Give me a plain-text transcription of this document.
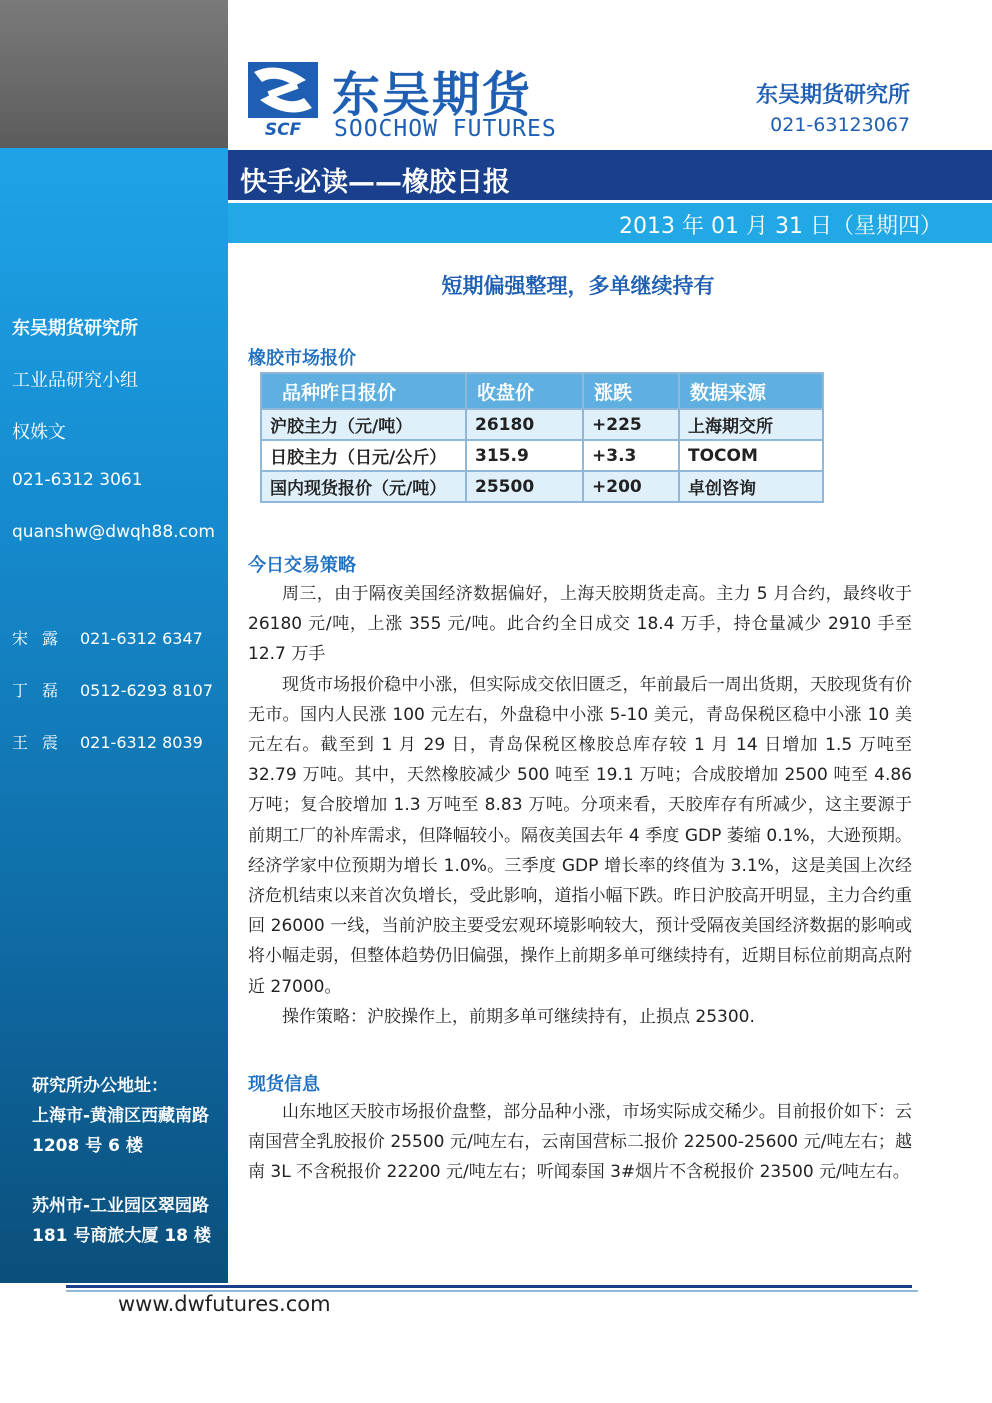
SCF
东吴期货
SOOCHOW FUTURES
东吴期货研究所
021-63123067
快手必读——橡胶日报
2013 年 01 月 31 日（星期四）
东吴期货研究所
工业品研究小组
权姝文
021-6312 3061
quanshw@dwqh88.com
宋露 021-6312 6347
丁磊 0512-6293 8107
王震 021-6312 8039
研究所办公地址：
上海市-黄浦区西藏南路
1208 号 6 楼
苏州市-工业园区翠园路
181 号商旅大厦 18 楼
短期偏强整理，多单继续持有
橡胶市场报价
品种昨日报价	收盘价	涨跌	数据来源
沪胶主力（元/吨）	26180	+225	上海期交所
日胶主力（日元/公斤）	315.9	+3.3	TOCOM
国内现货报价（元/吨）	25500	+200	卓创咨询
今日交易策略

周三，由于隔夜美国经济数据偏好，上海天胶期货走高。主力 5 月合约，最终收于 26180 元/吨，上涨 355 元/吨。此合约全日成交 18.4 万手，持仓量减少 2910 手至 12.7 万手

现货市场报价稳中小涨，但实际成交依旧匮乏，年前最后一周出货期，天胶现货有价无市。国内人民涨 100 元左右，外盘稳中小涨 5-10 美元，青岛保税区稳中小涨 10 美元左右。截至到 1 月 29 日，青岛保税区橡胶总库存较 1 月 14 日增加 1.5 万吨至 32.79 万吨。其中，天然橡胶减少 500 吨至 19.1 万吨；合成胶增加 2500 吨至 4.86 万吨；复合胶增加 1.3 万吨至 8.83 万吨。分项来看，天胶库存有所减少，这主要源于前期工厂的补库需求，但降幅较小。隔夜美国去年 4 季度 GDP 萎缩 0.1%，大逊预期。经济学家中位预期为增长 1.0%。三季度 GDP 增长率的终值为 3.1%，这是美国上次经济危机结束以来首次负增长，受此影响，道指小幅下跌。昨日沪胶高开明显，主力合约重回 26000 一线，当前沪胶主要受宏观环境影响较大，预计受隔夜美国经济数据的影响或将小幅走弱，但整体趋势仍旧偏强，操作上前期多单可继续持有，近期目标位前期高点附近 27000。

操作策略：沪胶操作上，前期多单可继续持有，止损点 25300.

现货信息

山东地区天胶市场报价盘整，部分品种小涨，市场实际成交稀少。目前报价如下：云南国营全乳胶报价 25500 元/吨左右，云南国营标二报价 22500-25600 元/吨左右；越南 3L 不含税报价 22200 元/吨左右；听闻泰国 3#烟片不含税报价 23500 元/吨左右。

www.dwfutures.com
